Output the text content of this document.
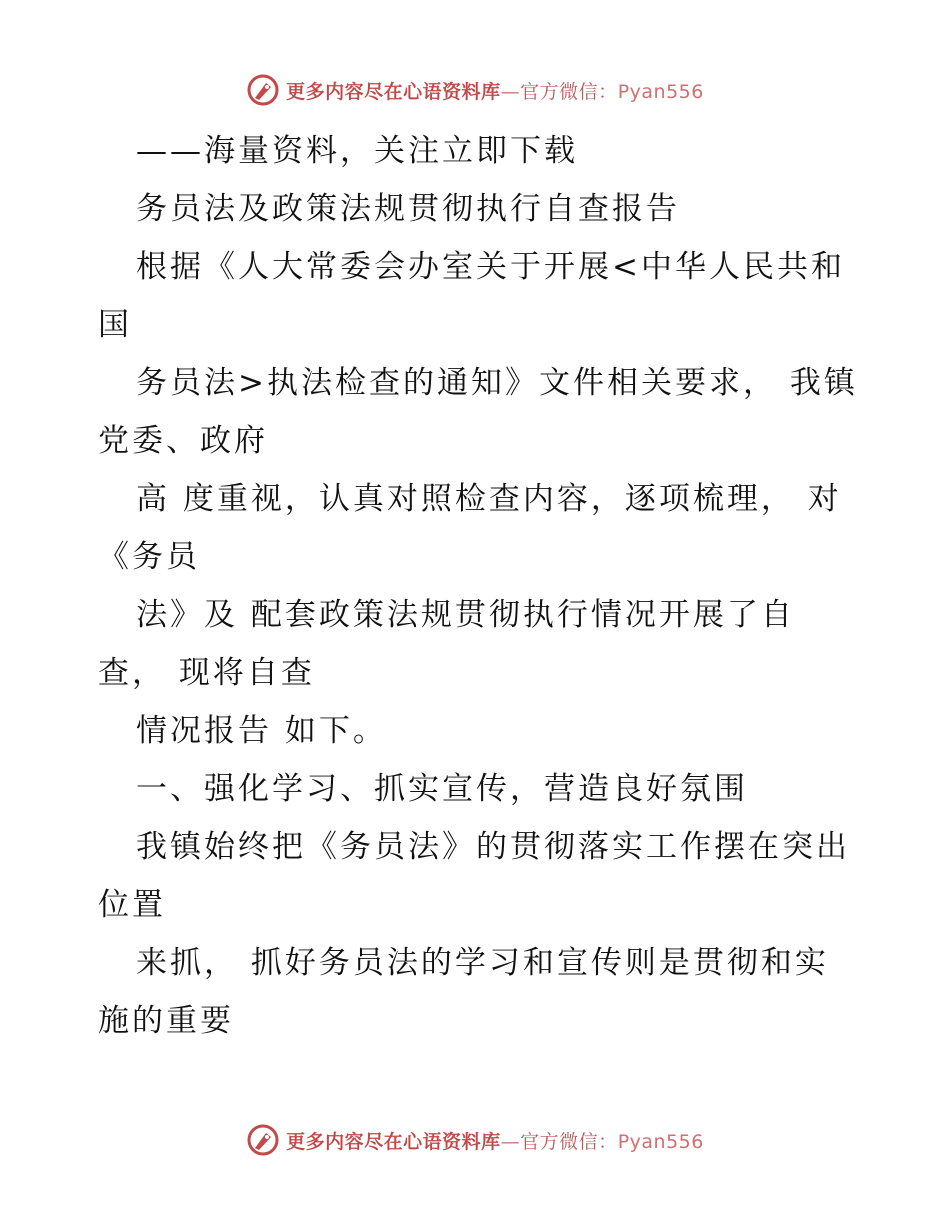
更多内容尽在心语资料库—官方微信：Pyan556
——海量资料，关注立即下载
务员法及政策法规贯彻执行自查报告
根据《人大常委会办室关于开展<中华人民共和
国
务员法>执法检查的通知》文件相关要求， 我镇
党委、政府
高 度重视，认真对照检查内容，逐项梳理， 对
《务员
法》及 配套政策法规贯彻执行情况开展了自
查， 现将自查
情况报告 如下。
一、强化学习、抓实宣传，营造良好氛围
我镇始终把《务员法》的贯彻落实工作摆在突出
位置
来抓， 抓好务员法的学习和宣传则是贯彻和实
施的重要
更多内容尽在心语资料库—官方微信：Pyan556
